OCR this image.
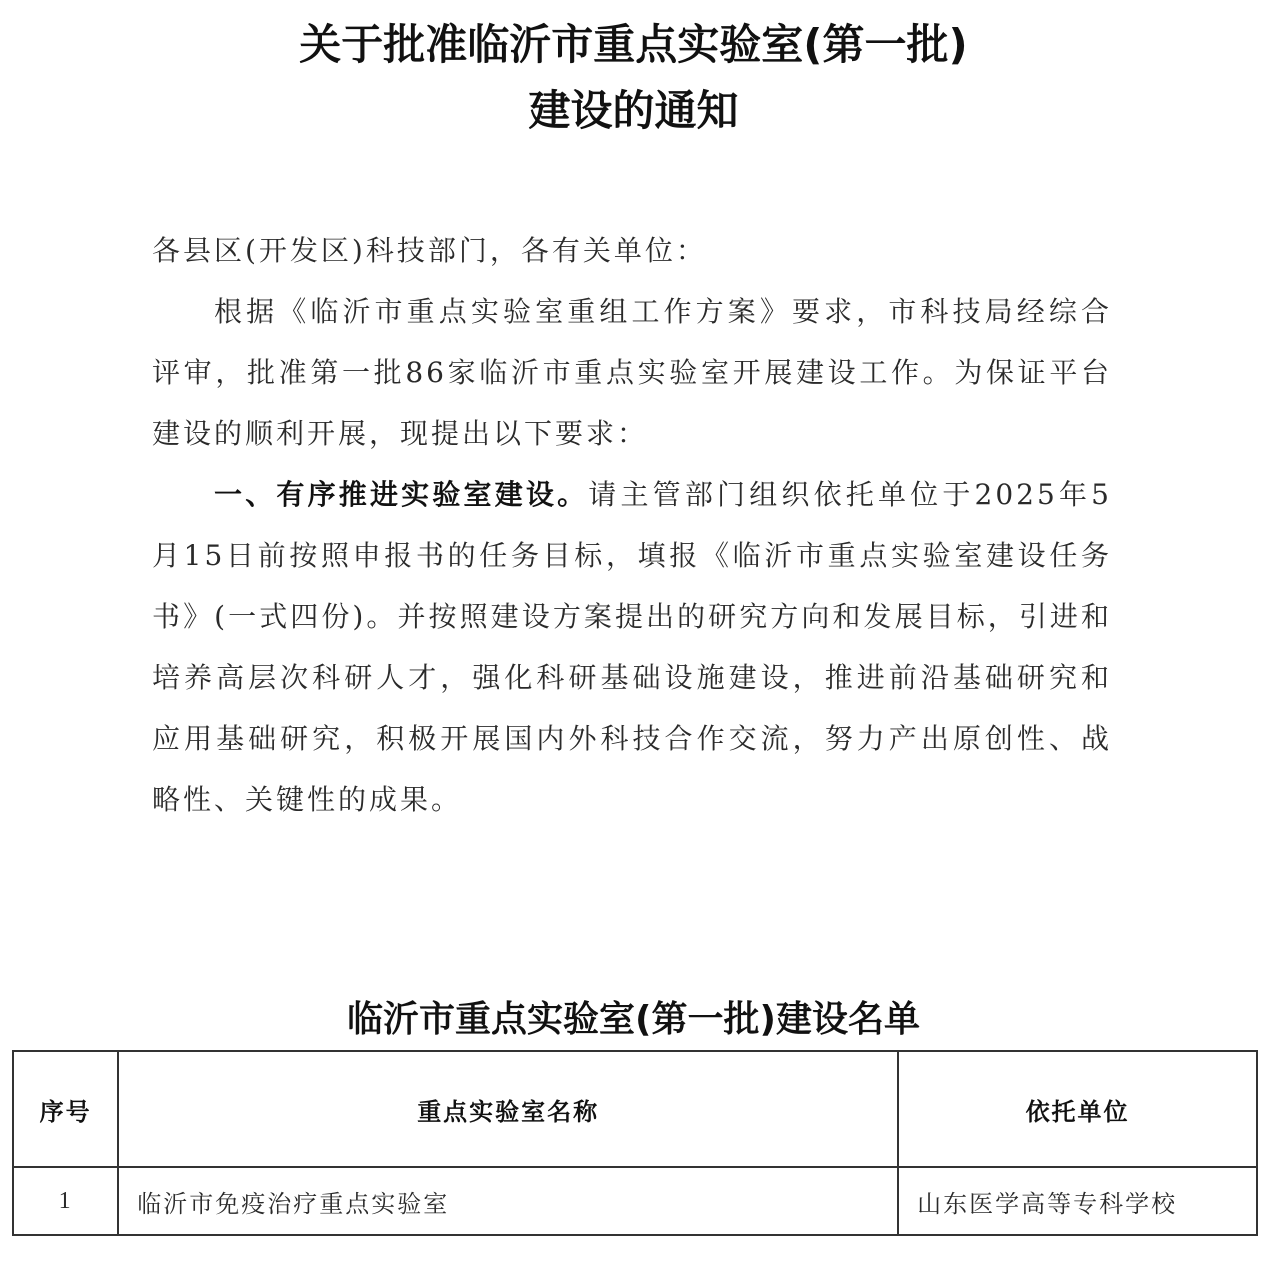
关于批准临沂市重点实验室(第一批)
建设的通知

各县区(开发区)科技部门，各有关单位：

根据《临沂市重点实验室重组工作方案》要求，市科技局经综合评审，批准第一批86家临沂市重点实验室开展建设工作。为保证平台建设的顺利开展，现提出以下要求：

一、有序推进实验室建设。请主管部门组织依托单位于2025年5月15日前按照申报书的任务目标，填报《临沂市重点实验室建设任务书》(一式四份)。并按照建设方案提出的研究方向和发展目标，引进和培养高层次科研人才，强化科研基础设施建设，推进前沿基础研究和应用基础研究，积极开展国内外科技合作交流，努力产出原创性、战略性、关键性的成果。

临沂市重点实验室(第一批)建设名单
序号	重点实验室名称	依托单位
1	临沂市免疫治疗重点实验室	山东医学高等专科学校
